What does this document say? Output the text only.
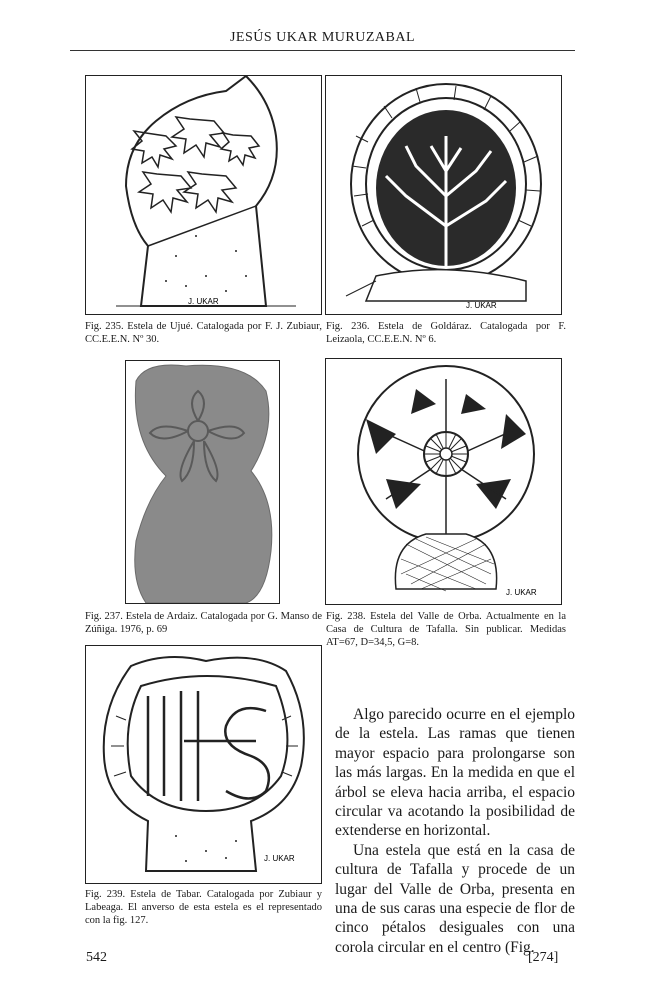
JESÚS UKAR MURUZABAL
J. UKAR
Fig. 235. Estela de Ujué. Catalogada por F. J. Zubiaur, CC.E.E.N. Nº 30.
J. UKAR
Fig. 236. Estela de Goldáraz. Catalogada por F. Leizaola, CC.E.E.N. Nº 6.
Fig. 237. Estela de Ardaiz. Catalogada por G. Manso de Zúñiga. 1976, p. 69
J. UKAR
Fig. 238. Estela del Valle de Orba. Actualmente en la Casa de Cultura de Tafalla. Sin publicar. Medidas AT=67, D=34,5, G=8.
J. UKAR
Fig. 239. Estela de Tabar. Catalogada por Zubiaur y Labeaga. El anverso de esta estela es el representado con la fig. 127.

Algo parecido ocurre en el ejemplo de la estela. Las ramas que tienen mayor espacio para prolongarse son las más largas. En la medida en que el árbol se eleva hacia arriba, el espacio circular va acotando la posibilidad de extenderse en horizontal.

Una estela que está en la casa de cultura de Tafalla y procede de un lugar del Valle de Orba, presenta en una de sus caras una especie de flor de cinco pétalos desiguales con una corola circular en el centro (Fig.

542	[274]
